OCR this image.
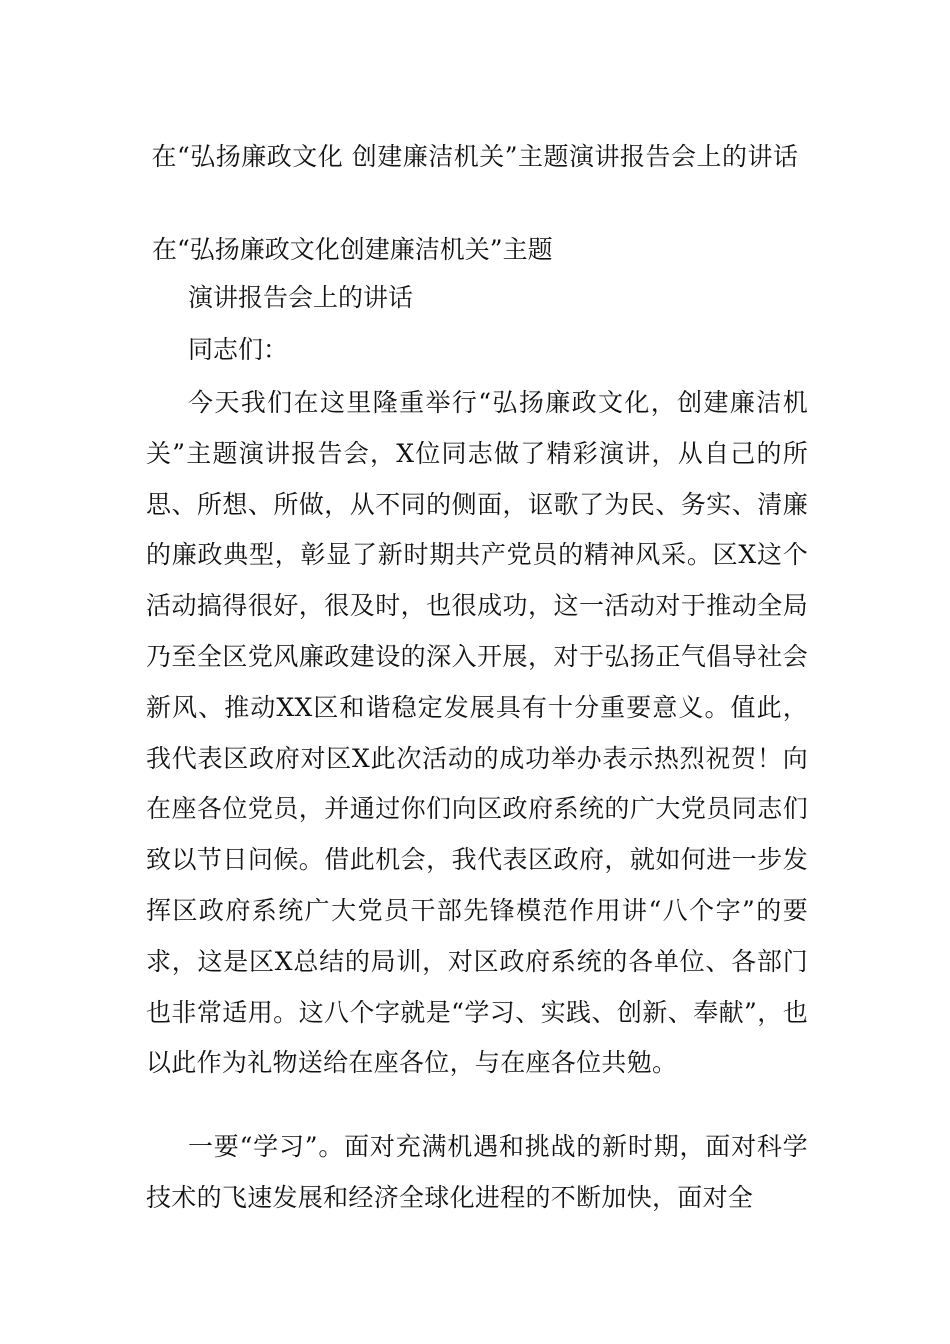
在“弘扬廉政文化 创建廉洁机关”主题演讲报告会上的讲话
在“弘扬廉政文化创建廉洁机关”主题
演讲报告会上的讲话
同志们：
今天我们在这里隆重举行“弘扬廉政文化，创建廉洁机关”主题演讲报告会，X位同志做了精彩演讲，从自己的所思、所想、所做，从不同的侧面，讴歌了为民、务实、清廉的廉政典型，彰显了新时期共产党员的精神风采。区X这个活动搞得很好，很及时，也很成功，这一活动对于推动全局乃至全区党风廉政建设的深入开展，对于弘扬正气倡导社会新风、推动XX区和谐稳定发展具有十分重要意义。值此，我代表区政府对区X此次活动的成功举办表示热烈祝贺！向在座各位党员，并通过你们向区政府系统的广大党员同志们致以节日问候。借此机会，我代表区政府，就如何进一步发挥区政府系统广大党员干部先锋模范作用讲“八个字”的要求，这是区X总结的局训，对区政府系统的各单位、各部门也非常适用。这八个字就是“学习、实践、创新、奉献”，也以此作为礼物送给在座各位，与在座各位共勉。
一要“学习”。面对充满机遇和挑战的新时期，面对科学技术的飞速发展和经济全球化进程的不断加快，面对全
